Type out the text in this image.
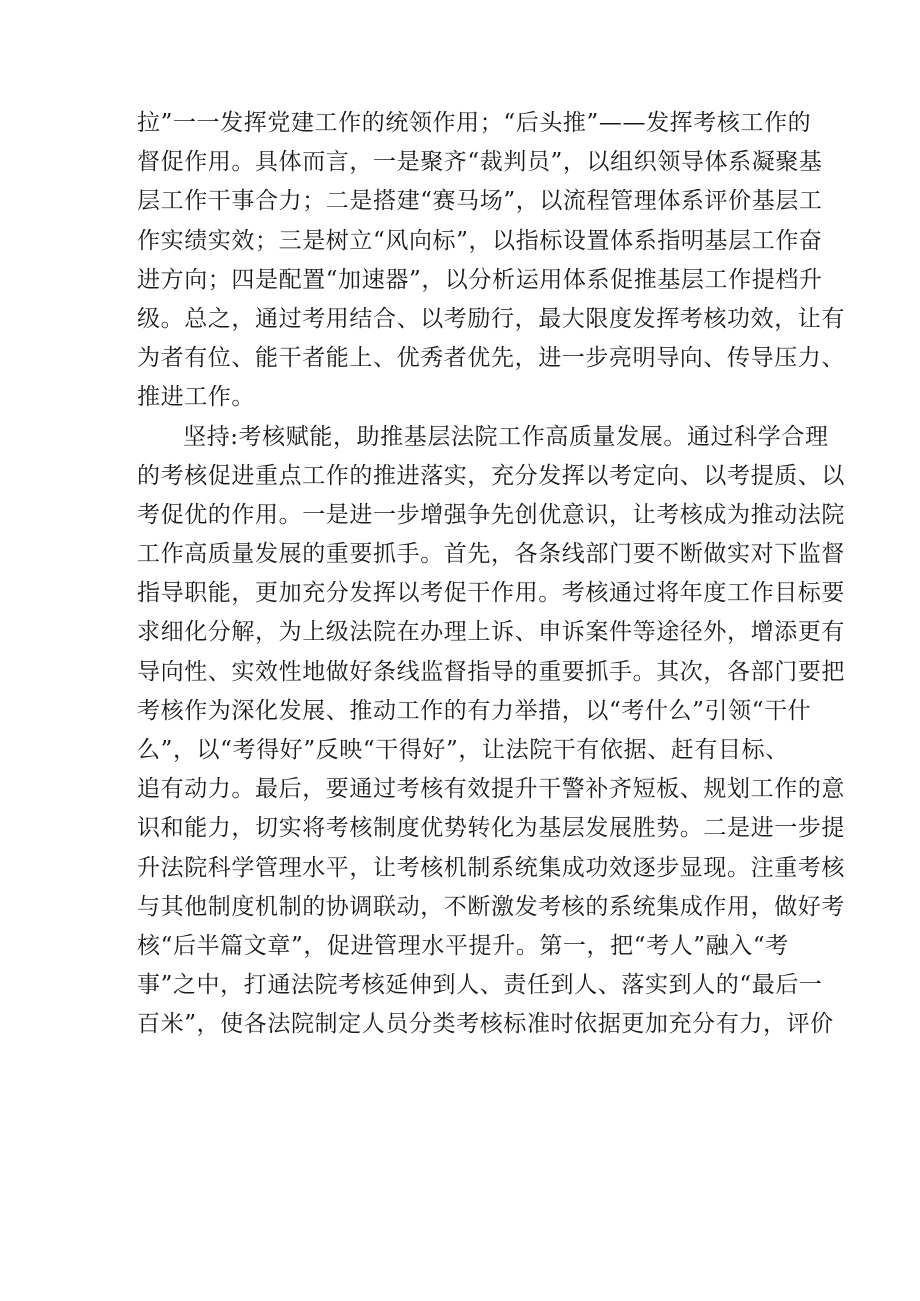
拉”一一发挥党建工作的统领作用；“后头推”——发挥考核工作的
督促作用。具体而言，一是聚齐“裁判员”，以组织领导体系凝聚基
层工作干事合力；二是搭建“赛马场”，以流程管理体系评价基层工
作实绩实效；三是树立“风向标”，以指标设置体系指明基层工作奋
进方向；四是配置“加速器”，以分析运用体系促推基层工作提档升
级。总之，通过考用结合、以考励行，最大限度发挥考核功效，让有
为者有位、能干者能上、优秀者优先，进一步亮明导向、传导压力、
推进工作。
坚持:考核赋能，助推基层法院工作高质量发展。通过科学合理
的考核促进重点工作的推进落实，充分发挥以考定向、以考提质、以
考促优的作用。一是进一步增强争先创优意识，让考核成为推动法院
工作高质量发展的重要抓手。首先，各条线部门要不断做实对下监督
指导职能，更加充分发挥以考促干作用。考核通过将年度工作目标要
求细化分解，为上级法院在办理上诉、申诉案件等途径外，增添更有
导向性、实效性地做好条线监督指导的重要抓手。其次，各部门要把
考核作为深化发展、推动工作的有力举措，以“考什么”引领“干什
么”，以“考得好”反映“干得好”，让法院干有依据、赶有目标、
追有动力。最后，要通过考核有效提升干警补齐短板、规划工作的意
识和能力，切实将考核制度优势转化为基层发展胜势。二是进一步提
升法院科学管理水平，让考核机制系统集成功效逐步显现。注重考核
与其他制度机制的协调联动，不断激发考核的系统集成作用，做好考
核“后半篇文章”，促进管理水平提升。第一，把“考人”融入“考
事”之中，打通法院考核延伸到人、责任到人、落实到人的“最后一
百米”，使各法院制定人员分类考核标准时依据更加充分有力，评价
